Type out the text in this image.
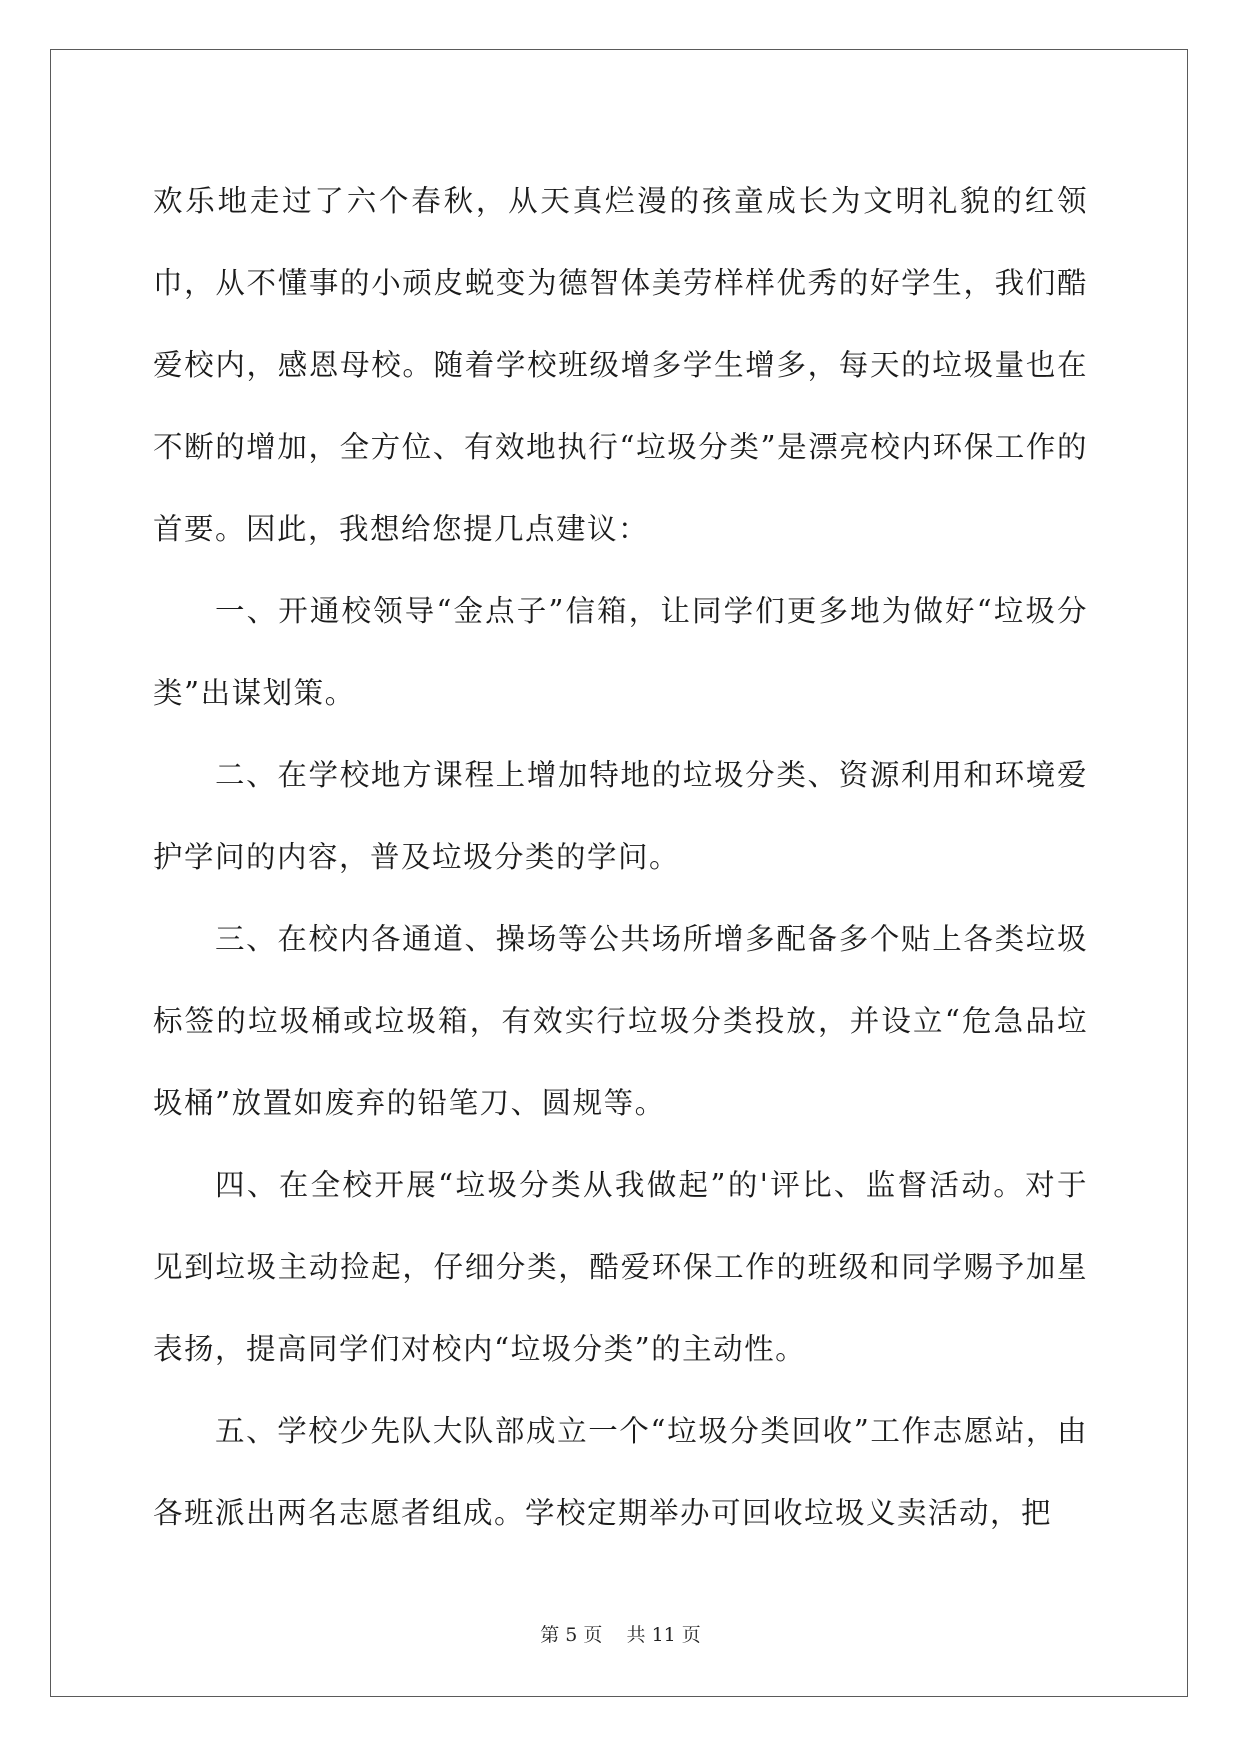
欢乐地走过了六个春秋，从天真烂漫的孩童成长为文明礼貌的红领巾，从不懂事的小顽皮蜕变为德智体美劳样样优秀的好学生，我们酷爱校内，感恩母校。随着学校班级增多学生增多，每天的垃圾量也在不断的增加，全方位、有效地执行“垃圾分类”是漂亮校内环保工作的首要。因此，我想给您提几点建议：

一、开通校领导“金点子”信箱，让同学们更多地为做好“垃圾分类”出谋划策。

二、在学校地方课程上增加特地的垃圾分类、资源利用和环境爱护学问的内容，普及垃圾分类的学问。

三、在校内各通道、操场等公共场所增多配备多个贴上各类垃圾标签的垃圾桶或垃圾箱，有效实行垃圾分类投放，并设立“危急品垃圾桶”放置如废弃的铅笔刀、圆规等。

四、在全校开展“垃圾分类从我做起”的'评比、监督活动。对于见到垃圾主动捡起，仔细分类，酷爱环保工作的班级和同学赐予加星表扬，提高同学们对校内“垃圾分类”的主动性。

五、学校少先队大队部成立一个“垃圾分类回收”工作志愿站，由各班派出两名志愿者组成。学校定期举办可回收垃圾义卖活动，把

第 5 页    共 11 页
